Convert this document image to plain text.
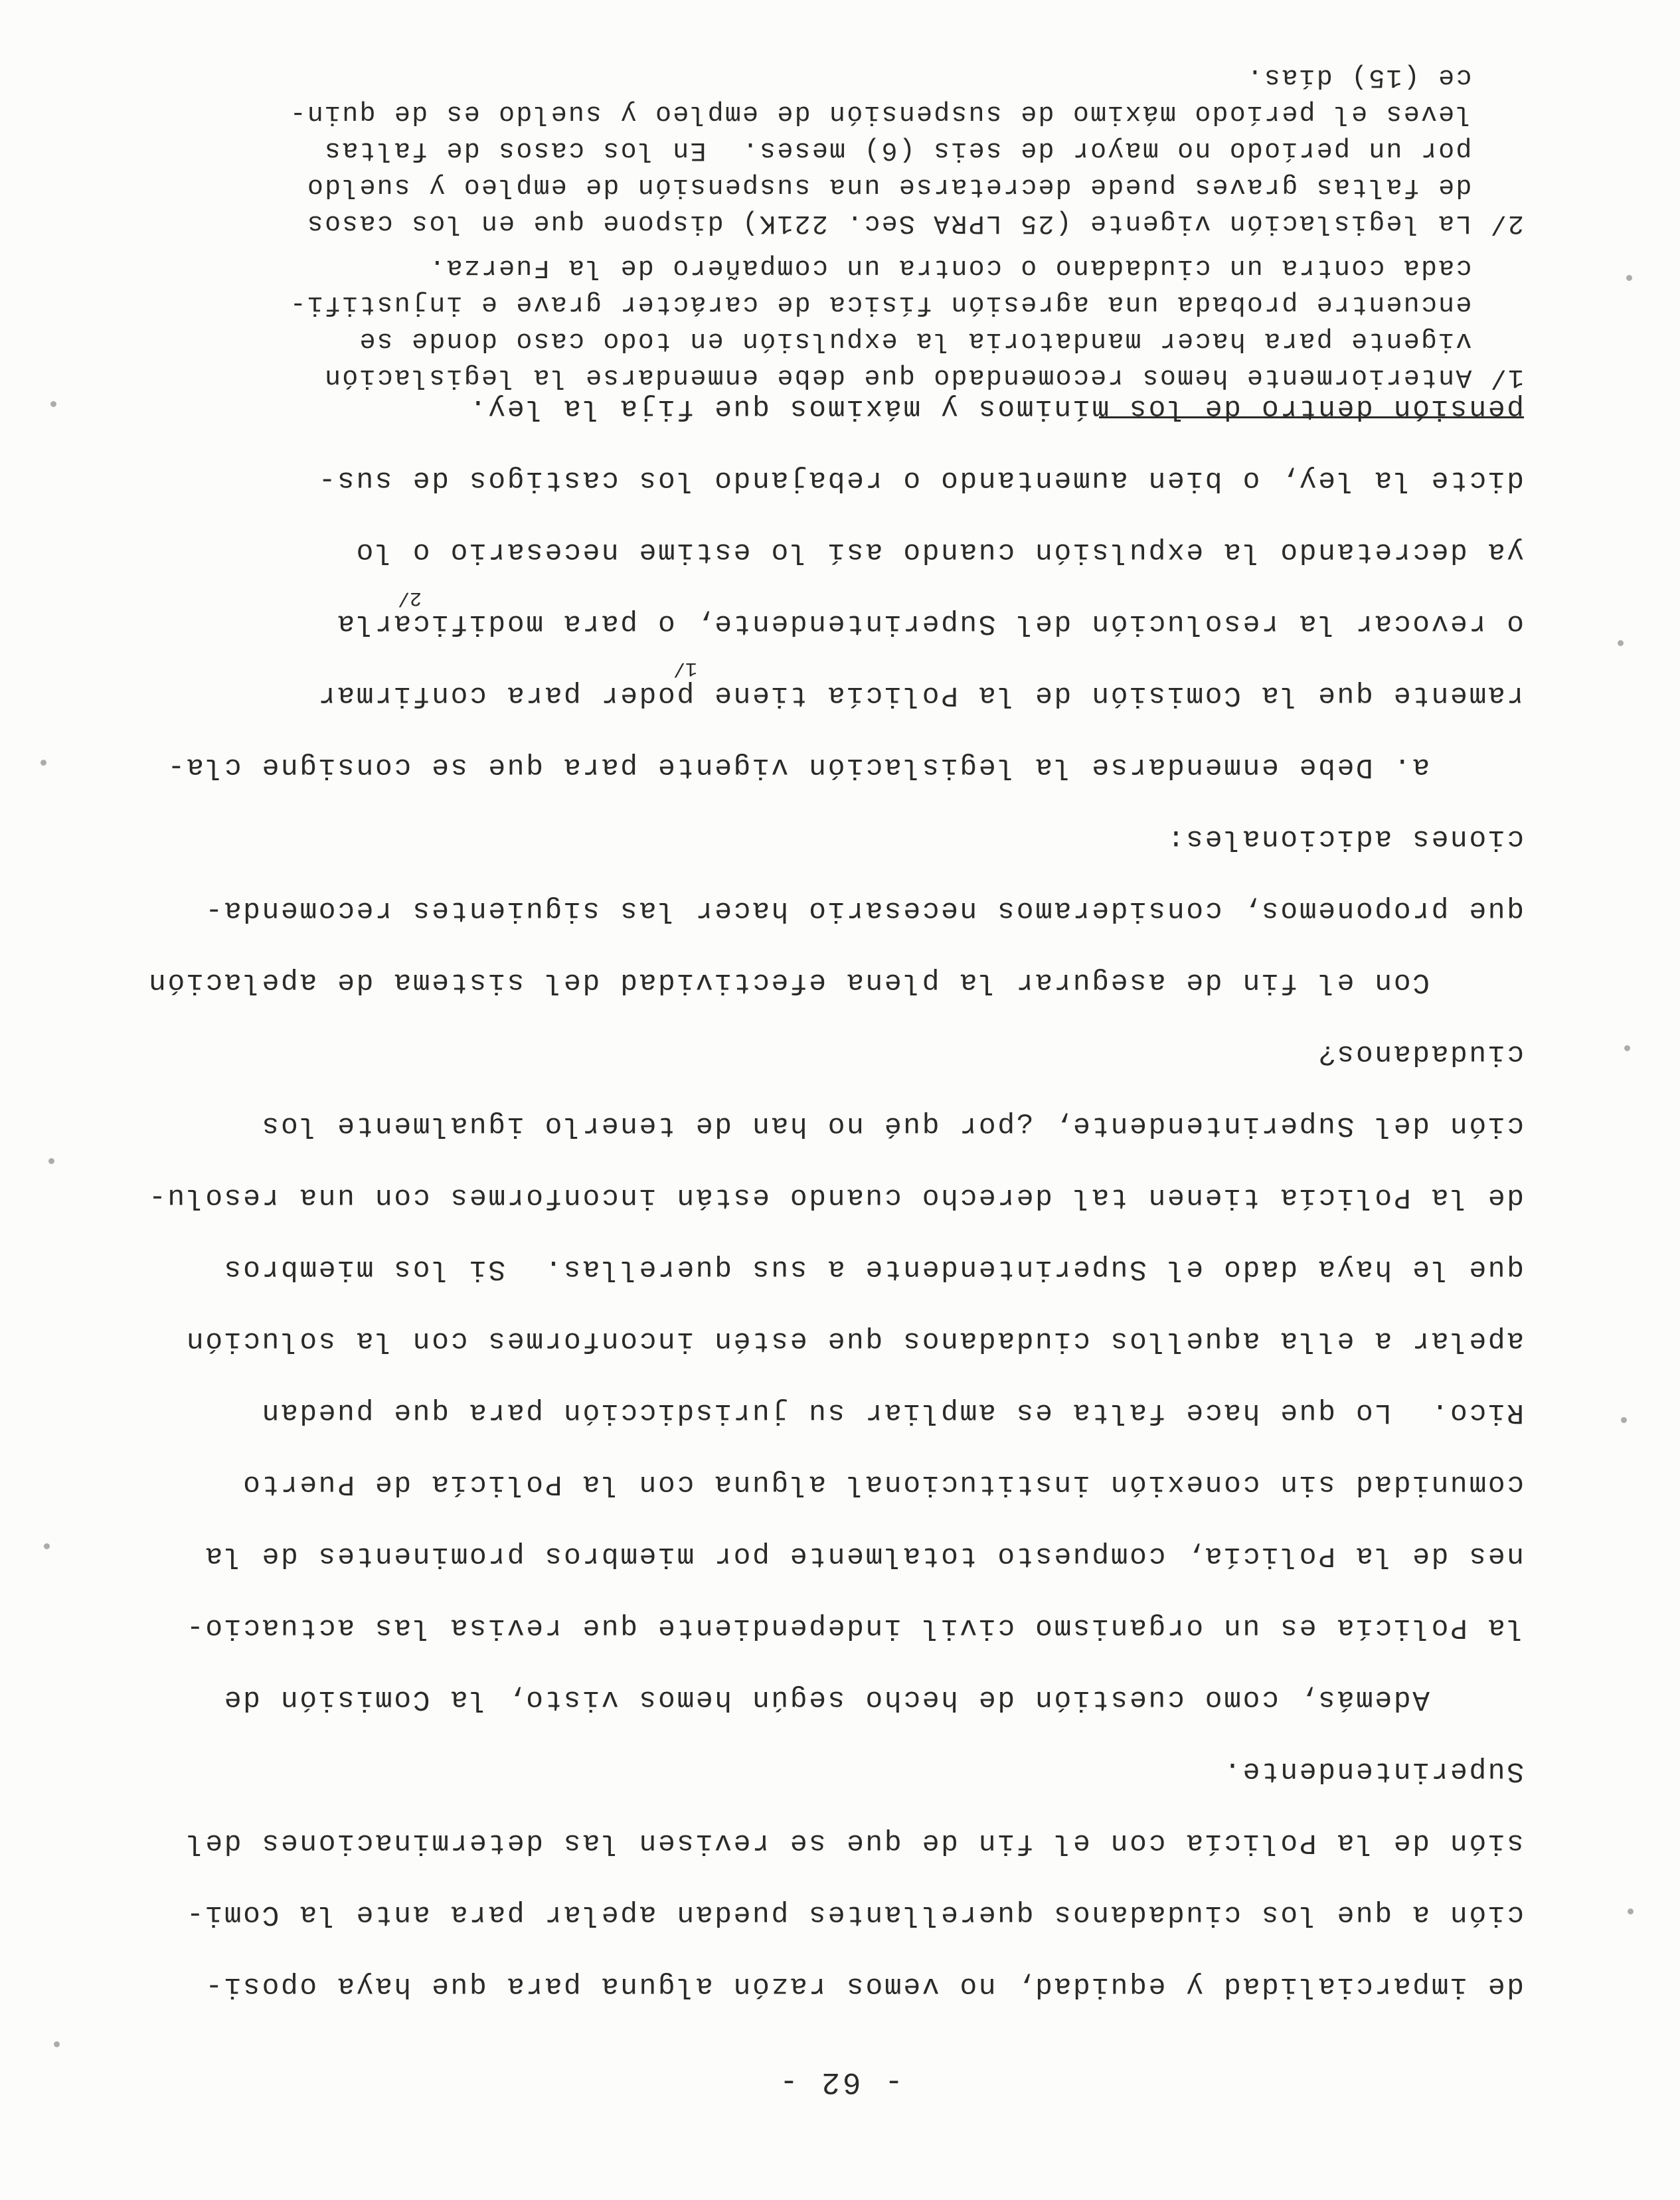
- 62 -
de imparcialidad y equidad, no vemos razón alguna para que haya oposi-
ción a que los ciudadanos querellantes puedan apelar para ante la Comi-
sión de la Policía con el fin de que se revisen las determinaciones del
Superintendente.
Además, como cuestión de hecho según hemos visto, la Comisión de
la Policía es un organismo civil independiente que revisa las actuacio-
nes de la Policía, compuesto totalmente por miembros prominentes de la
comunidad sin conexión institucional alguna con la Policía de Puerto
Rico.  Lo que hace falta es ampliar su jurisdicción para que puedan
apelar a ella aquellos ciudadanos que estén inconformes con la solución
que le haya dado el Superintendente a sus querellas.  Si los miembros
de la Policía tienen tal derecho cuando están inconformes con una resolu-
ción del Superintendente, ¿por qué no han de tenerlo igualmente los
ciudadanos?
Con el fin de asegurar la plena efectividad del sistema de apelación
que proponemos, consideramos necesario hacer las siguientes recomenda-
ciones adicionales:
a. Debe enmendarse la legislación vigente para que se consigne cla-
ramente que la Comisión de la Policía tiene poder para confirmar
o revocar la resolución del Superintendente, o para modificarla
ya decretando la expulsión cuando así lo estime necesario o lo
dicte la ley, o bien aumentando o rebajando los castigos de sus-
pensión dentro de los mínimos y máximos que fija la ley.
1/
2/
1/ Anteriormente hemos recomendado que debe enmendarse la legislación
vigente para hacer mandatoria la expulsión en todo caso donde se
encuentre probada una agresión física de carácter grave e injustifi-
cada contra un ciudadano o contra un compañero de la Fuerza.
2/ La legislación vigente (25 LPRA Sec. 221K) dispone que en los casos
de faltas graves puede decretarse una suspensión de empleo y sueldo
por un período no mayor de seis (6) meses.  En los casos de faltas
leves el período máximo de suspensión de empleo y sueldo es de quin-
ce (15) días.
